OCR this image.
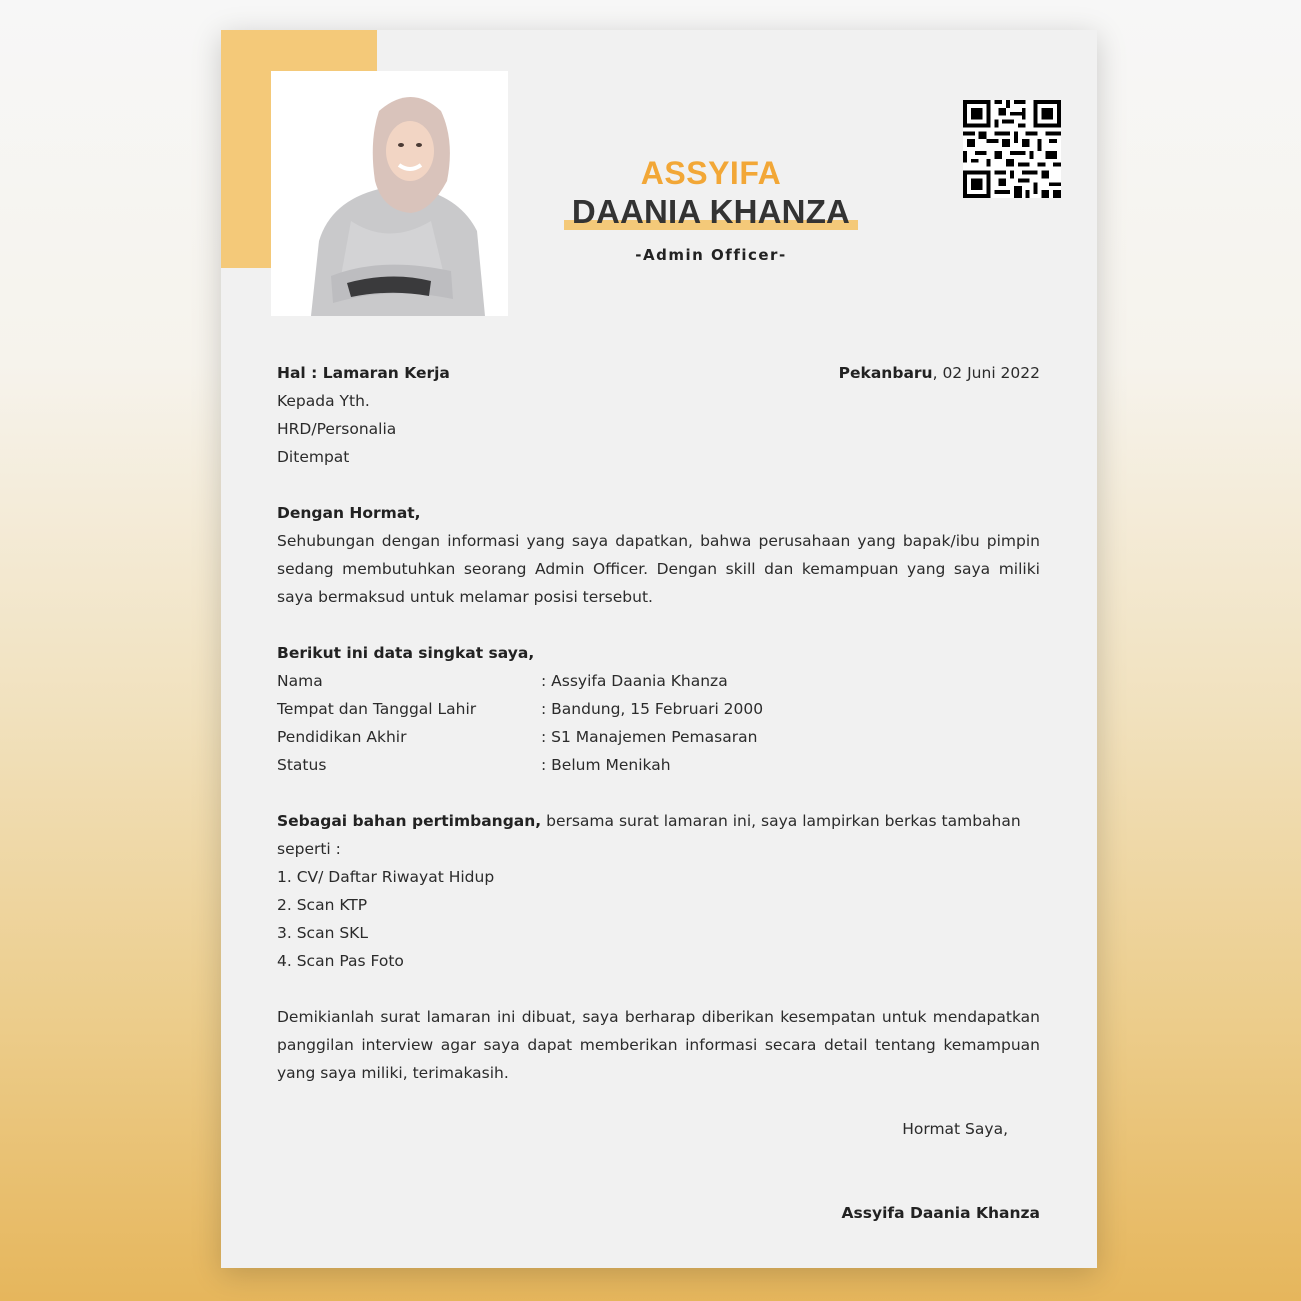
ASSYIFA
DAANIA KHANZA
-Admin Officer-
Hal : Lamaran Kerja	Pekanbaru, 02 Juni 2022
Kepada Yth.
HRD/Personalia
Ditempat
Dengan Hormat,
Sehubungan dengan informasi yang saya dapatkan, bahwa perusahaan yang bapak/ibu pimpin sedang membutuhkan seorang Admin Officer. Dengan skill dan kemampuan yang saya miliki saya bermaksud untuk melamar posisi tersebut.
Berikut ini data singkat saya,
Nama	: Assyifa Daania Khanza
Tempat dan Tanggal Lahir	: Bandung, 15 Februari 2000
Pendidikan Akhir	: S1 Manajemen Pemasaran
Status	: Belum Menikah
Sebagai bahan pertimbangan, bersama surat lamaran ini, saya lampirkan berkas tambahan seperti :
1. CV/ Daftar Riwayat Hidup
2. Scan KTP
3. Scan SKL
4. Scan Pas Foto
Demikianlah surat lamaran ini dibuat, saya berharap diberikan kesempatan untuk mendapatkan panggilan interview agar saya dapat memberikan informasi secara detail tentang kemampuan yang saya miliki, terimakasih.
Hormat Saya,
Assyifa Daania Khanza
